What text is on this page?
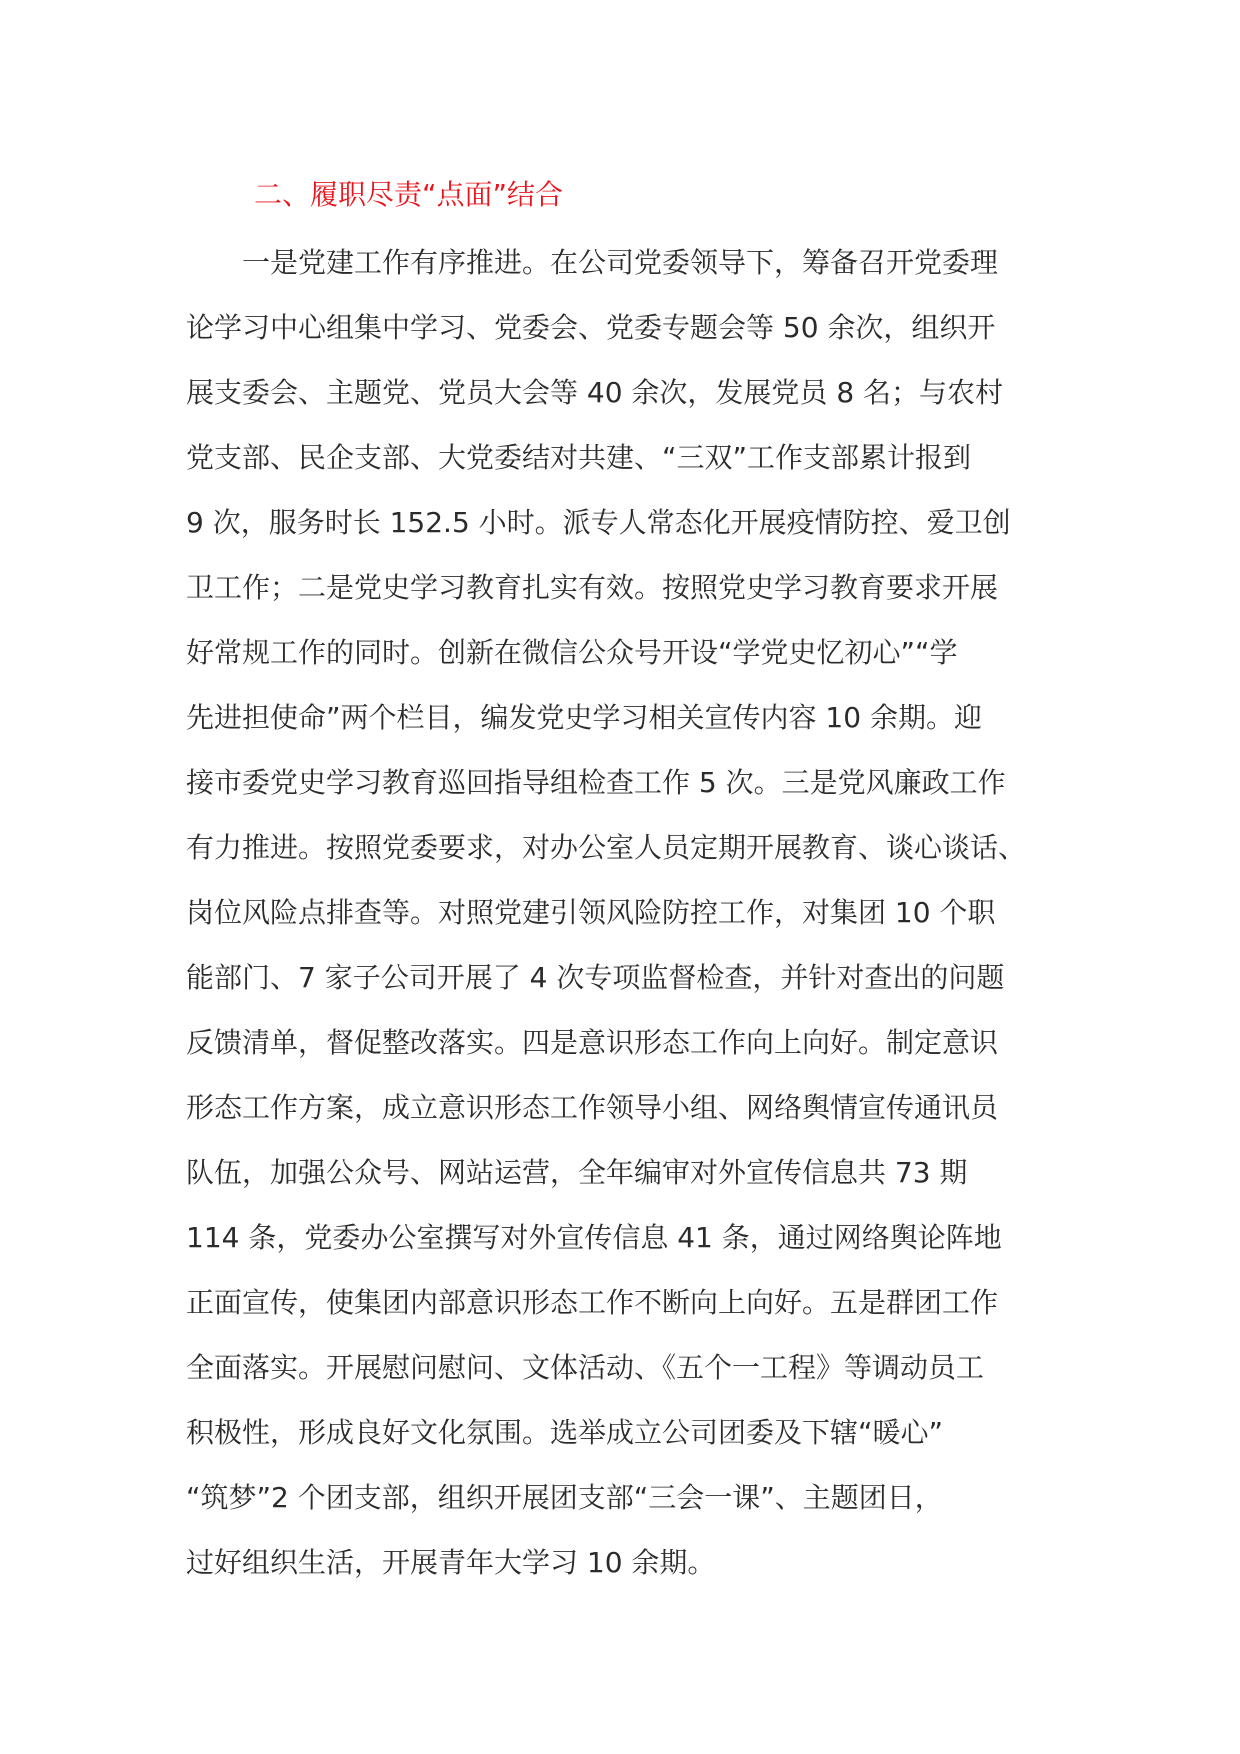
二、履职尽责“点面”结合
　　一是党建工作有序推进。在公司党委领导下，筹备召开党委理
论学习中心组集中学习、党委会、党委专题会等 50 余次，组织开
展支委会、主题党、党员大会等 40 余次，发展党员 8 名；与农村
党支部、民企支部、大党委结对共建、“三双”工作支部累计报到
9 次，服务时长 152.5 小时。派专人常态化开展疫情防控、爱卫创
卫工作；二是党史学习教育扎实有效。按照党史学习教育要求开展
好常规工作的同时。创新在微信公众号开设“学党史忆初心”“学
先进担使命”两个栏目，编发党史学习相关宣传内容 10 余期。迎
接市委党史学习教育巡回指导组检查工作 5 次。三是党风廉政工作
有力推进。按照党委要求，对办公室人员定期开展教育、谈心谈话、
岗位风险点排查等。对照党建引领风险防控工作，对集团 10 个职
能部门、7 家子公司开展了 4 次专项监督检查，并针对查出的问题
反馈清单，督促整改落实。四是意识形态工作向上向好。制定意识
形态工作方案，成立意识形态工作领导小组、网络舆情宣传通讯员
队伍，加强公众号、网站运营，全年编审对外宣传信息共 73 期
114 条，党委办公室撰写对外宣传信息 41 条，通过网络舆论阵地
正面宣传，使集团内部意识形态工作不断向上向好。五是群团工作
全面落实。开展慰问慰问、文体活动、《五个一工程》等调动员工
积极性，形成良好文化氛围。选举成立公司团委及下辖“暖心”
“筑梦”2 个团支部，组织开展团支部“三会一课”、主题团日，
过好组织生活，开展青年大学习 10 余期。
